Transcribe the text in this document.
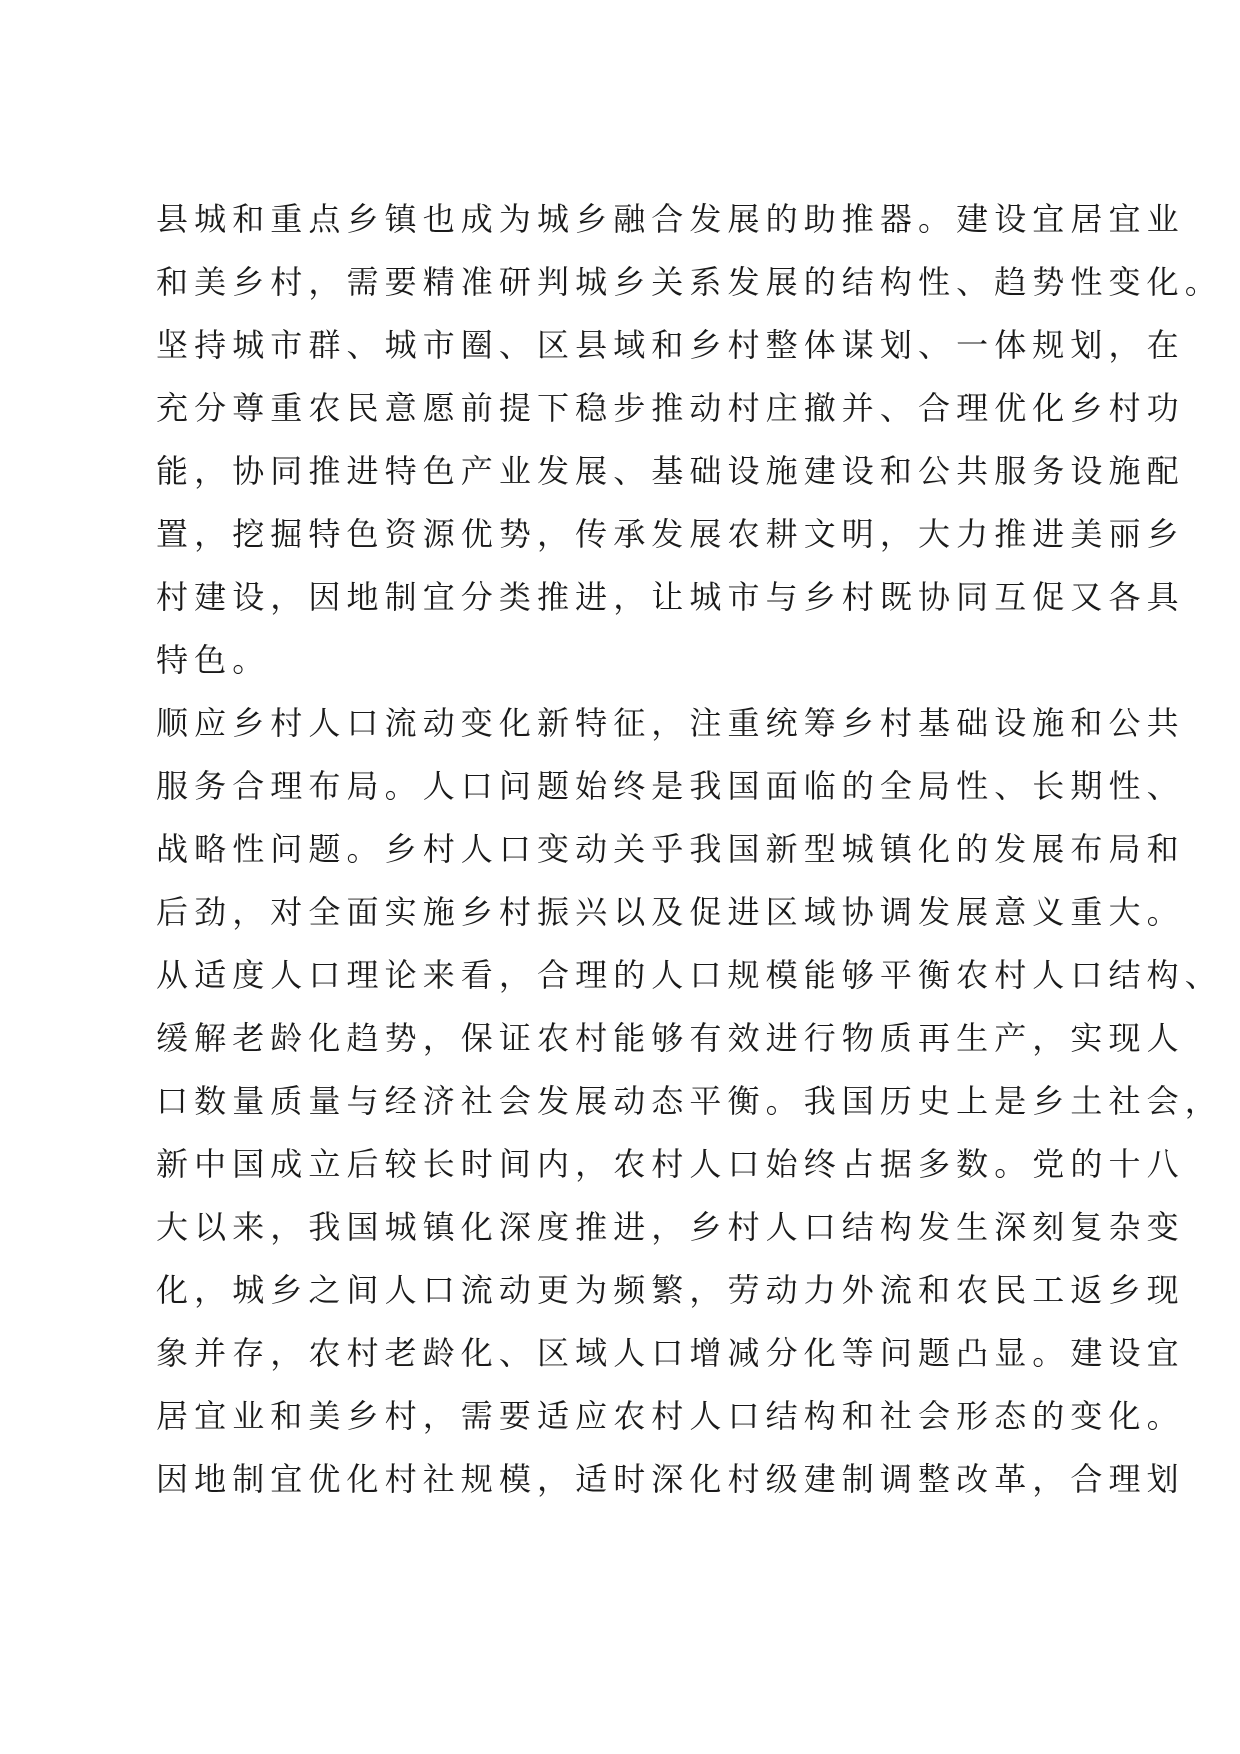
县城和重点乡镇也成为城乡融合发展的助推器。建设宜居宜业
和美乡村，需要精准研判城乡关系发展的结构性、趋势性变化。
坚持城市群、城市圈、区县域和乡村整体谋划、一体规划，在
充分尊重农民意愿前提下稳步推动村庄撤并、合理优化乡村功
能，协同推进特色产业发展、基础设施建设和公共服务设施配
置，挖掘特色资源优势，传承发展农耕文明，大力推进美丽乡
村建设，因地制宜分类推进，让城市与乡村既协同互促又各具
特色。
顺应乡村人口流动变化新特征，注重统筹乡村基础设施和公共
服务合理布局。人口问题始终是我国面临的全局性、长期性、
战略性问题。乡村人口变动关乎我国新型城镇化的发展布局和
后劲，对全面实施乡村振兴以及促进区域协调发展意义重大。
从适度人口理论来看，合理的人口规模能够平衡农村人口结构、
缓解老龄化趋势，保证农村能够有效进行物质再生产，实现人
口数量质量与经济社会发展动态平衡。我国历史上是乡土社会，
新中国成立后较长时间内，农村人口始终占据多数。党的十八
大以来，我国城镇化深度推进，乡村人口结构发生深刻复杂变
化，城乡之间人口流动更为频繁，劳动力外流和农民工返乡现
象并存，农村老龄化、区域人口增减分化等问题凸显。建设宜
居宜业和美乡村，需要适应农村人口结构和社会形态的变化。
因地制宜优化村社规模，适时深化村级建制调整改革，合理划
